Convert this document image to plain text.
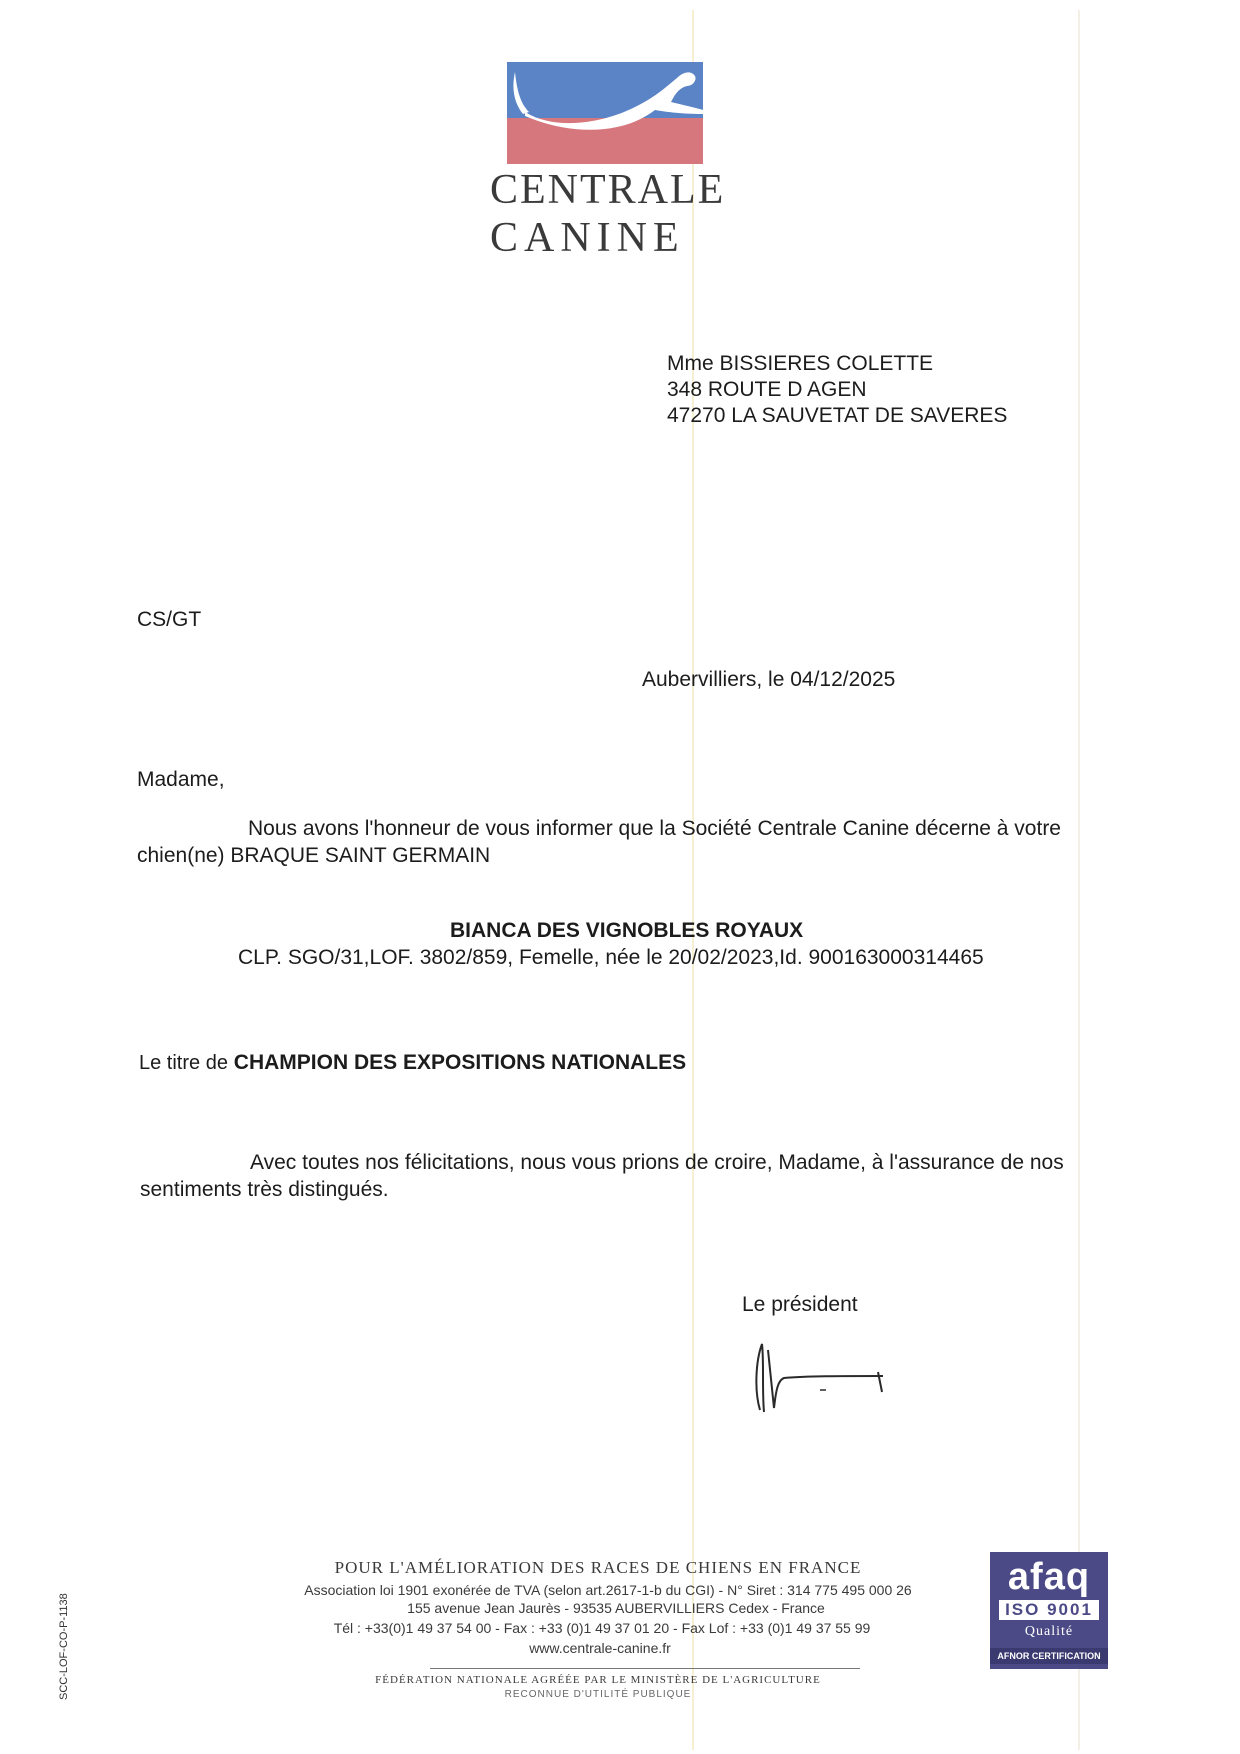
CENTRALE
CANINE
Mme BISSIERES COLETTE
348 ROUTE D AGEN
47270 LA SAUVETAT DE SAVERES
CS/GT
Aubervilliers, le 04/12/2025
Madame,
Nous avons l'honneur de vous informer que la Société Centrale Canine décerne à votre
chien(ne) BRAQUE SAINT GERMAIN
BIANCA DES VIGNOBLES ROYAUX
CLP. SGO/31,LOF. 3802/859, Femelle, née le 20/02/2023,Id. 900163000314465
Le titre de CHAMPION DES EXPOSITIONS NATIONALES
Avec toutes nos félicitations, nous vous prions de croire, Madame, à l'assurance de nos
sentiments très distingués.
Le président
POUR L'AMÉLIORATION DES RACES DE CHIENS EN FRANCE
Association loi 1901 exonérée de TVA (selon art.2617-1-b du CGI) - N° Siret : 314 775 495 000 26
155 avenue Jean Jaurès - 93535 AUBERVILLIERS Cedex - France
Tél : +33(0)1 49 37 54 00 - Fax : +33 (0)1 49 37 01 20 - Fax Lof : +33 (0)1 49 37 55 99
www.centrale-canine.fr
FÉDÉRATION NATIONALE AGRÉÉE PAR LE MINISTÈRE DE L'AGRICULTURE
RECONNUE D'UTILITÉ PUBLIQUE
SCC-LOF-CO-P-1138
afaq
ISO 9001
Qualité
AFNOR CERTIFICATION
